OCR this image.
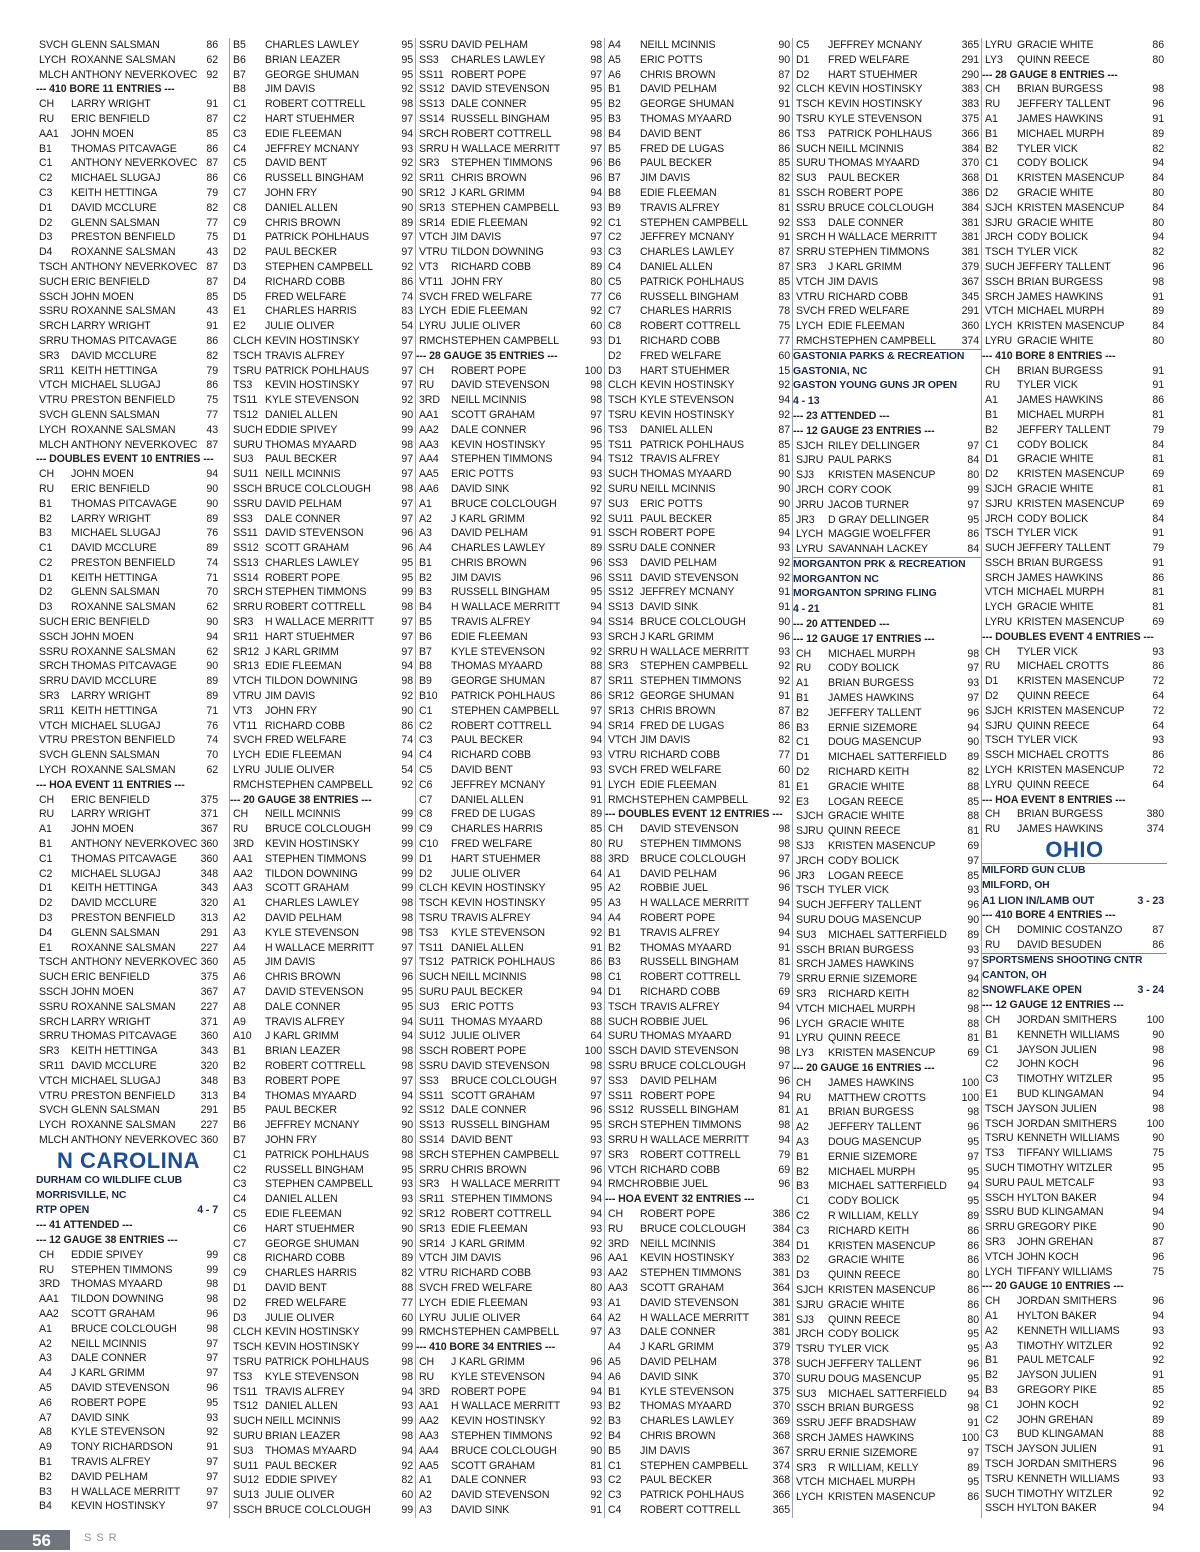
SVCH GLENN SALSMAN	86
LYCH ROXANNE SALSMAN	62
MLCH ANTHONY NEVERKOVEC 92
--- 410 BORE 11 ENTRIES ---
CH	LARRY WRIGHT	91
RU	ERIC BENFIELD	87
AA1	JOHN MOEN	85
B1	THOMAS PITCAVAGE	86
C1	ANTHONY NEVERKOVEC 87
C2	MICHAEL SLUGAJ	86
C3	KEITH HETTINGA	79
D1	DAVID MCCLURE	82
D2	GLENN SALSMAN	77
D3	PRESTON BENFIELD	75
D4	ROXANNE SALSMAN	43
TSCH ANTHONY NEVERKOVEC 87
SUCH ERIC BENFIELD	87
SSCH JOHN MOEN	85
SSRU ROXANNE SALSMAN	43
SRCH LARRY WRIGHT	91
SRRU THOMAS PITCAVAGE	86
SR3	DAVID MCCLURE	82
SR11 KEITH HETTINGA	79
VTCH MICHAEL SLUGAJ	86
VTRU PRESTON BENFIELD	75
SVCH GLENN SALSMAN	77
LYCH ROXANNE SALSMAN	43
MLCH ANTHONY NEVERKOVEC 87
--- DOUBLES EVENT 10 ENTRIES ---
CH	JOHN MOEN	94
RU	ERIC BENFIELD	90
B1	THOMAS PITCAVAGE	90
B2	LARRY WRIGHT	89
B3	MICHAEL SLUGAJ	76
C1	DAVID MCCLURE	89
C2	PRESTON BENFIELD	74
D1	KEITH HETTINGA	71
D2	GLENN SALSMAN	70
D3	ROXANNE SALSMAN	62
SUCH ERIC BENFIELD	90
SSCH JOHN MOEN	94
SSRU ROXANNE SALSMAN	62
SRCH THOMAS PITCAVAGE	90
SRRU DAVID MCCLURE	89
SR3	LARRY WRIGHT	89
SR11 KEITH HETTINGA	71
VTCH MICHAEL SLUGAJ	76
VTRU PRESTON BENFIELD	74
SVCH GLENN SALSMAN	70
LYCH ROXANNE SALSMAN	62
--- HOA EVENT 11 ENTRIES ---
CH	ERIC BENFIELD	375
RU	LARRY WRIGHT	371
A1	JOHN MOEN	367
B1	ANTHONY NEVERKOVEC 360
C1	THOMAS PITCAVAGE	360
C2	MICHAEL SLUGAJ	348
D1	KEITH HETTINGA	343
D2	DAVID MCCLURE	320
D3	PRESTON BENFIELD	313
D4	GLENN SALSMAN	291
E1	ROXANNE SALSMAN	227
TSCH ANTHONY NEVERKOVEC 360
SUCH ERIC BENFIELD	375
SSCH JOHN MOEN	367
SSRU ROXANNE SALSMAN	227
SRCH LARRY WRIGHT	371
SRRU THOMAS PITCAVAGE	360
SR3	KEITH HETTINGA	343
SR11 DAVID MCCLURE	320
VTCH MICHAEL SLUGAJ	348
VTRU PRESTON BENFIELD	313
SVCH GLENN SALSMAN	291
LYCH ROXANNE SALSMAN	227
MLCH ANTHONY NEVERKOVEC 360
N CAROLINA
DURHAM CO WILDLIFE CLUB
MORRISVILLE, NC
RTP OPEN	4 - 7
--- 41 ATTENDED ---
--- 12 GAUGE 38 ENTRIES ---
CH	EDDIE SPIVEY	99
RU	STEPHEN TIMMONS	99
3RD	THOMAS MYAARD	98
AA1	TILDON DOWNING	98
AA2	SCOTT GRAHAM	96
A1	BRUCE COLCLOUGH	98
A2	NEILL MCINNIS	97
A3	DALE CONNER	97
A4	J KARL GRIMM	97
A5	DAVID STEVENSON	96
A6	ROBERT POPE	95
A7	DAVID SINK	93
A8	KYLE STEVENSON	92
A9	TONY RICHARDSON	91
B1	TRAVIS ALFREY	97
B2	DAVID PELHAM	97
B3	H WALLACE MERRITT	97
B4	KEVIN HOSTINSKY	97
B5	CHARLES LAWLEY	95
B6	BRIAN LEAZER	95
B7	GEORGE SHUMAN	95
B8	JIM DAVIS	92
C1	ROBERT COTTRELL	98
C2	HART STUEHMER	97
C3	EDIE FLEEMAN	94
C4	JEFFREY MCNANY	93
C5	DAVID BENT	92
C6	RUSSELL BINGHAM	92
C7	JOHN FRY	90
C8	DANIEL ALLEN	90
C9	CHRIS BROWN	89
D1	PATRICK POHLHAUS	97
D2	PAUL BECKER	97
D3	STEPHEN CAMPBELL	92
D4	RICHARD COBB	86
D5	FRED WELFARE	74
E1	CHARLES HARRIS	83
E2	JULIE OLIVER	54
CLCH KEVIN HOSTINSKY	97
TSCH TRAVIS ALFREY	97
TSRU PATRICK POHLHAUS	97
TS3	KEVIN HOSTINSKY	97
TS11 KYLE STEVENSON	92
TS12 DANIEL ALLEN	90
SUCH EDDIE SPIVEY	99
SURU THOMAS MYAARD	98
SU3	PAUL BECKER	97
SU11 NEILL MCINNIS	97
SSCH BRUCE COLCLOUGH	98
SSRU DAVID PELHAM	97
SS3	DALE CONNER	97
SS11 DAVID STEVENSON	96
SS12 SCOTT GRAHAM	96
SS13 CHARLES LAWLEY	95
SS14 ROBERT POPE	95
SRCH STEPHEN TIMMONS	99
SRRU ROBERT COTTRELL	98
SR3	H WALLACE MERRITT	97
SR11 HART STUEHMER	97
SR12 J KARL GRIMM	97
SR13 EDIE FLEEMAN	94
VTCH TILDON DOWNING	98
VTRU JIM DAVIS	92
VT3	JOHN FRY	90
VT11 RICHARD COBB	86
SVCH FRED WELFARE	74
LYCH EDIE FLEEMAN	94
LYRU JULIE OLIVER	54
RMCH STEPHEN CAMPBELL	92
--- 20 GAUGE 38 ENTRIES ---
CH	NEILL MCINNIS	99
RU	BRUCE COLCLOUGH	99
3RD	KEVIN HOSTINSKY	99
AA1	STEPHEN TIMMONS	99
AA2	TILDON DOWNING	99
AA3	SCOTT GRAHAM	99
A1	CHARLES LAWLEY	98
A2	DAVID PELHAM	98
A3	KYLE STEVENSON	98
A4	H WALLACE MERRITT	97
A5	JIM DAVIS	97
A6	CHRIS BROWN	96
A7	DAVID STEVENSON	95
A8	DALE CONNER	95
A9	TRAVIS ALFREY	94
A10	J KARL GRIMM	94
B1	BRIAN LEAZER	98
B2	ROBERT COTTRELL	98
B3	ROBERT POPE	97
B4	THOMAS MYAARD	94
B5	PAUL BECKER	92
B6	JEFFREY MCNANY	90
B7	JOHN FRY	80
C1	PATRICK POHLHAUS	98
C2	RUSSELL BINGHAM	95
C3	STEPHEN CAMPBELL	93
C4	DANIEL ALLEN	93
C5	EDIE FLEEMAN	92
C6	HART STUEHMER	90
C7	GEORGE SHUMAN	90
C8	RICHARD COBB	89
C9	CHARLES HARRIS	82
D1	DAVID BENT	88
D2	FRED WELFARE	77
D3	JULIE OLIVER	60
CLCH KEVIN HOSTINSKY	99
TSCH KEVIN HOSTINSKY	99
TSRU PATRICK POHLHAUS	98
TS3	KYLE STEVENSON	98
TS11 TRAVIS ALFREY	94
TS12 DANIEL ALLEN	93
SUCH NEILL MCINNIS	99
SURU BRIAN LEAZER	98
SU3	THOMAS MYAARD	94
SU11 PAUL BECKER	92
SU12 EDDIE SPIVEY	82
SU13 JULIE OLIVER	60
SSCH BRUCE COLCLOUGH	99
SSRU DAVID PELHAM	98
SS3	CHARLES LAWLEY	98
SS11 ROBERT POPE	97
SS12 DAVID STEVENSON	95
SS13 DALE CONNER	95
SS14 RUSSELL BINGHAM	95
SRCH ROBERT COTTRELL	98
SRRU H WALLACE MERRITT	97
SR3	STEPHEN TIMMONS	96
SR11 CHRIS BROWN	96
SR12 J KARL GRIMM	94
SR13 STEPHEN CAMPBELL	93
SR14 EDIE FLEEMAN	92
VTCH JIM DAVIS	97
VTRU TILDON DOWNING	93
VT3	RICHARD COBB	89
VT11 JOHN FRY	80
SVCH FRED WELFARE	77
LYCH EDIE FLEEMAN	92
LYRU JULIE OLIVER	60
RMCH STEPHEN CAMPBELL	93
--- 28 GAUGE 35 ENTRIES ---
CH	ROBERT POPE	100
RU	DAVID STEVENSON	98
3RD	NEILL MCINNIS	98
AA1	SCOTT GRAHAM	97
AA2	DALE CONNER	96
AA3	KEVIN HOSTINSKY	95
AA4	STEPHEN TIMMONS	94
AA5	ERIC POTTS	93
AA6	DAVID SINK	92
A1	BRUCE COLCLOUGH	97
A2	J KARL GRIMM	92
A3	DAVID PELHAM	91
A4	CHARLES LAWLEY	89
B1	CHRIS BROWN	96
B2	JIM DAVIS	96
B3	RUSSELL BINGHAM	95
B4	H WALLACE MERRITT	94
B5	TRAVIS ALFREY	94
B6	EDIE FLEEMAN	93
B7	KYLE STEVENSON	92
B8	THOMAS MYAARD	88
B9	GEORGE SHUMAN	87
B10	PATRICK POHLHAUS	86
C1	STEPHEN CAMPBELL	97
C2	ROBERT COTTRELL	94
C3	PAUL BECKER	94
C4	RICHARD COBB	93
C5	DAVID BENT	93
C6	JEFFREY MCNANY	91
C7	DANIEL ALLEN	91
C8	FRED DE LUGAS	89
C9	CHARLES HARRIS	85
C10	FRED WELFARE	80
D1	HART STUEHMER	88
D2	JULIE OLIVER	64
CLCH KEVIN HOSTINSKY	95
TSCH KEVIN HOSTINSKY	95
TSRU TRAVIS ALFREY	94
TS3	KYLE STEVENSON	92
TS11 DANIEL ALLEN	91
TS12 PATRICK POHLHAUS	86
SUCH NEILL MCINNIS	98
SURU PAUL BECKER	94
SU3	ERIC POTTS	93
SU11 THOMAS MYAARD	88
SU12 JULIE OLIVER	64
SSCH ROBERT POPE	100
SSRU DAVID STEVENSON	98
SS3	BRUCE COLCLOUGH	97
SS11 SCOTT GRAHAM	97
SS12 DALE CONNER	96
SS13 RUSSELL BINGHAM	95
SS14 DAVID BENT	93
SRCH STEPHEN CAMPBELL	97
SRRU CHRIS BROWN	96
SR3	H WALLACE MERRITT	94
SR11 STEPHEN TIMMONS	94
SR12 ROBERT COTTRELL	94
SR13 EDIE FLEEMAN	93
SR14 J KARL GRIMM	92
VTCH JIM DAVIS	96
VTRU RICHARD COBB	93
SVCH FRED WELFARE	80
LYCH EDIE FLEEMAN	93
LYRU JULIE OLIVER	64
RMCH STEPHEN CAMPBELL	97
--- 410 BORE 34 ENTRIES ---
CH	J KARL GRIMM	96
RU	KYLE STEVENSON	94
3RD	ROBERT POPE	94
AA1	H WALLACE MERRITT	93
AA2	KEVIN HOSTINSKY	92
AA3	STEPHEN TIMMONS	92
AA4	BRUCE COLCLOUGH	90
AA5	SCOTT GRAHAM	81
A1	DALE CONNER	93
A2	DAVID STEVENSON	92
A3	DAVID SINK	91
A4	NEILL MCINNIS	90
A5	ERIC POTTS	90
A6	CHRIS BROWN	87
B1	DAVID PELHAM	92
B2	GEORGE SHUMAN	91
B3	THOMAS MYAARD	90
B4	DAVID BENT	86
B5	FRED DE LUGAS	86
B6	PAUL BECKER	85
B7	JIM DAVIS	82
B8	EDIE FLEEMAN	81
B9	TRAVIS ALFREY	81
C1	STEPHEN CAMPBELL	92
C2	JEFFREY MCNANY	91
C3	CHARLES LAWLEY	87
C4	DANIEL ALLEN	87
C5	PATRICK POHLHAUS	85
C6	RUSSELL BINGHAM	83
C7	CHARLES HARRIS	78
C8	ROBERT COTTRELL	75
D1	RICHARD COBB	77
D2	FRED WELFARE	60
D3	HART STUEHMER	15
CLCH KEVIN HOSTINSKY	92
TSCH KYLE STEVENSON	94
TSRU KEVIN HOSTINSKY	92
TS3	DANIEL ALLEN	87
TS11 PATRICK POHLHAUS	85
TS12 TRAVIS ALFREY	81
SUCH THOMAS MYAARD	90
SURU NEILL MCINNIS	90
SU3	ERIC POTTS	90
SU11 PAUL BECKER	85
SSCH ROBERT POPE	94
SSRU DALE CONNER	93
SS3	DAVID PELHAM	92
SS11 DAVID STEVENSON	92
SS12 JEFFREY MCNANY	91
SS13 DAVID SINK	91
SS14 BRUCE COLCLOUGH	90
SRCH J KARL GRIMM	96
SRRU H WALLACE MERRITT	93
SR3	STEPHEN CAMPBELL	92
SR11 STEPHEN TIMMONS	92
SR12 GEORGE SHUMAN	91
SR13 CHRIS BROWN	87
SR14 FRED DE LUGAS	86
VTCH JIM DAVIS	82
VTRU RICHARD COBB	77
SVCH FRED WELFARE	60
LYCH EDIE FLEEMAN	81
RMCH STEPHEN CAMPBELL	92
--- DOUBLES EVENT 12 ENTRIES ---
CH	DAVID STEVENSON	98
RU	STEPHEN TIMMONS	98
3RD	BRUCE COLCLOUGH	97
A1	DAVID PELHAM	96
A2	ROBBIE JUEL	96
A3	H WALLACE MERRITT	94
A4	ROBERT POPE	94
B1	TRAVIS ALFREY	94
B2	THOMAS MYAARD	91
B3	RUSSELL BINGHAM	81
C1	ROBERT COTTRELL	79
D1	RICHARD COBB	69
TSCH TRAVIS ALFREY	94
SUCH ROBBIE JUEL	96
SURU THOMAS MYAARD	91
SSCH DAVID STEVENSON	98
SSRU BRUCE COLCLOUGH	97
SS3	DAVID PELHAM	96
SS11 ROBERT POPE	94
SS12 RUSSELL BINGHAM	81
SRCH STEPHEN TIMMONS	98
SRRU H WALLACE MERRITT	94
SR3	ROBERT COTTRELL	79
VTCH RICHARD COBB	69
RMCH ROBBIE JUEL	96
--- HOA EVENT 32 ENTRIES ---
CH	ROBERT POPE	386
RU	BRUCE COLCLOUGH	384
3RD	NEILL MCINNIS	384
AA1	KEVIN HOSTINSKY	383
AA2	STEPHEN TIMMONS	381
AA3	SCOTT GRAHAM	364
A1	DAVID STEVENSON	381
A2	H WALLACE MERRITT	381
A3	DALE CONNER	381
A4	J KARL GRIMM	379
A5	DAVID PELHAM	378
A6	DAVID SINK	370
B1	KYLE STEVENSON	375
B2	THOMAS MYAARD	370
B3	CHARLES LAWLEY	369
B4	CHRIS BROWN	368
B5	JIM DAVIS	367
C1	STEPHEN CAMPBELL	374
C2	PAUL BECKER	368
C3	PATRICK POHLHAUS	366
C4	ROBERT COTTRELL	365
C5	JEFFREY MCNANY	365
D1	FRED WELFARE	291
D2	HART STUEHMER	290
CLCH KEVIN HOSTINSKY	383
TSCH KEVIN HOSTINSKY	383
TSRU KYLE STEVENSON	375
TS3	PATRICK POHLHAUS	366
SUCH NEILL MCINNIS	384
SURU THOMAS MYAARD	370
SU3	PAUL BECKER	368
SSCH ROBERT POPE	386
SSRU BRUCE COLCLOUGH	384
SS3	DALE CONNER	381
SRCH H WALLACE MERRITT	381
SRRU STEPHEN TIMMONS	381
SR3	J KARL GRIMM	379
VTCH JIM DAVIS	367
VTRU RICHARD COBB	345
SVCH FRED WELFARE	291
LYCH EDIE FLEEMAN	360
RMCH STEPHEN CAMPBELL	374
GASTONIA PARKS & RECREATION
GASTONIA, NC
GASTON YOUNG GUNS JR OPEN
4 - 13
--- 23 ATTENDED ---
--- 12 GAUGE 23 ENTRIES ---
SJCH RILEY DELLINGER	97
SJRU PAUL PARKS	84
SJ3	KRISTEN MASENCUP	80
JRCH CORY COOK	99
JRRU JACOB TURNER	97
JR3	D GRAY DELLINGER	95
LYCH MAGGIE WOELFFER	86
LYRU SAVANNAH LACKEY	84
MORGANTON PRK & RECREATION
MORGANTON NC
MORGANTON SPRING FLING
4 - 21
--- 20 ATTENDED ---
--- 12 GAUGE 17 ENTRIES ---
CH	MICHAEL MURPH	98
RU	CODY BOLICK	97
A1	BRIAN BURGESS	93
B1	JAMES HAWKINS	97
B2	JEFFERY TALLENT	96
B3	ERNIE SIZEMORE	94
C1	DOUG MASENCUP	90
D1	MICHAEL SATTERFIELD	89
D2	RICHARD KEITH	82
E1	GRACIE WHITE	88
E3	LOGAN REECE	85
SJCH GRACIE WHITE	88
SJRU QUINN REECE	81
SJ3	KRISTEN MASENCUP	69
JRCH CODY BOLICK	97
JR3	LOGAN REECE	85
TSCH TYLER VICK	93
SUCH JEFFERY TALLENT	96
SURU DOUG MASENCUP	90
SU3	MICHAEL SATTERFIELD	89
SSCH BRIAN BURGESS	93
SRCH JAMES HAWKINS	97
SRRU ERNIE SIZEMORE	94
SR3	RICHARD KEITH	82
VTCH MICHAEL MURPH	98
LYCH GRACIE WHITE	88
LYRU QUINN REECE	81
LY3	KRISTEN MASENCUP	69
--- 20 GAUGE 16 ENTRIES ---
CH	JAMES HAWKINS	100
RU	MATTHEW CROTTS	100
A1	BRIAN BURGESS	98
A2	JEFFERY TALLENT	96
A3	DOUG MASENCUP	95
B1	ERNIE SIZEMORE	97
B2	MICHAEL MURPH	95
B3	MICHAEL SATTERFIELD	94
C1	CODY BOLICK	95
C2	R WILLIAM, KELLY	89
C3	RICHARD KEITH	86
D1	KRISTEN MASENCUP	86
D2	GRACIE WHITE	86
D3	QUINN REECE	80
SJCH KRISTEN MASENCUP	86
SJRU GRACIE WHITE	86
SJ3	QUINN REECE	80
JRCH CODY BOLICK	95
TSRU TYLER VICK	95
SUCH JEFFERY TALLENT	96
SURU DOUG MASENCUP	95
SU3	MICHAEL SATTERFIELD	94
SSCH BRIAN BURGESS	98
SSRU JEFF BRADSHAW	91
SRCH JAMES HAWKINS	100
SRRU ERNIE SIZEMORE	97
SR3	R WILLIAM, KELLY	89
VTCH MICHAEL MURPH	95
LYCH KRISTEN MASENCUP	86
LYRU GRACIE WHITE	86
LY3	QUINN REECE	80
--- 28 GAUGE 8 ENTRIES ---
CH	BRIAN BURGESS	98
RU	JEFFERY TALLENT	96
A1	JAMES HAWKINS	91
B1	MICHAEL MURPH	89
B2	TYLER VICK	82
C1	CODY BOLICK	94
D1	KRISTEN MASENCUP	84
D2	GRACIE WHITE	80
SJCH KRISTEN MASENCUP	84
SJRU GRACIE WHITE	80
JRCH CODY BOLICK	94
TSCH TYLER VICK	82
SUCH JEFFERY TALLENT	96
SSCH BRIAN BURGESS	98
SRCH JAMES HAWKINS	91
VTCH MICHAEL MURPH	89
LYCH KRISTEN MASENCUP	84
LYRU GRACIE WHITE	80
--- 410 BORE 8 ENTRIES ---
CH	BRIAN BURGESS	91
RU	TYLER VICK	91
A1	JAMES HAWKINS	86
B1	MICHAEL MURPH	81
B2	JEFFERY TALLENT	79
C1	CODY BOLICK	84
D1	GRACIE WHITE	81
D2	KRISTEN MASENCUP	69
SJCH GRACIE WHITE	81
SJRU KRISTEN MASENCUP	69
JRCH CODY BOLICK	84
TSCH TYLER VICK	91
SUCH JEFFERY TALLENT	79
SSCH BRIAN BURGESS	91
SRCH JAMES HAWKINS	86
VTCH MICHAEL MURPH	81
LYCH GRACIE WHITE	81
LYRU KRISTEN MASENCUP	69
--- DOUBLES EVENT 4 ENTRIES ---
CH	TYLER VICK	93
RU	MICHAEL CROTTS	86
D1	KRISTEN MASENCUP	72
D2	QUINN REECE	64
SJCH KRISTEN MASENCUP	72
SJRU QUINN REECE	64
TSCH TYLER VICK	93
SSCH MICHAEL CROTTS	86
LYCH KRISTEN MASENCUP	72
LYRU QUINN REECE	64
--- HOA EVENT 8 ENTRIES ---
CH	BRIAN BURGESS	380
RU	JAMES HAWKINS	374
OHIO
MILFORD GUN CLUB
MILFORD, OH
A1 LION IN/LAMB OUT	3 - 23
--- 410 BORE 4 ENTRIES ---
CH	DOMINIC COSTANZO	87
RU	DAVID BESUDEN	86
SPORTSMENS SHOOTING CNTR
CANTON, OH
SNOWFLAKE OPEN	3 - 24
--- 12 GAUGE 12 ENTRIES ---
CH	JORDAN SMITHERS	100
B1	KENNETH WILLIAMS	90
C1	JAYSON JULIEN	98
C2	JOHN KOCH	96
C3	TIMOTHY WITZLER	95
E1	BUD KLINGAMAN	94
TSCH JAYSON JULIEN	98
TSCH JORDAN SMITHERS	100
TSRU KENNETH WILLIAMS	90
TS3	TIFFANY WILLIAMS	75
SUCH TIMOTHY WITZLER	95
SURU PAUL METCALF	93
SSCH HYLTON BAKER	94
SSRU BUD KLINGAMAN	94
SRRU GREGORY PIKE	90
SR3	JOHN GREHAN	87
VTCH JOHN KOCH	96
LYCH TIFFANY WILLIAMS	75
--- 20 GAUGE 10 ENTRIES ---
CH	JORDAN SMITHERS	96
A1	HYLTON BAKER	94
A2	KENNETH WILLIAMS	93
A3	TIMOTHY WITZLER	92
B1	PAUL METCALF	92
B2	JAYSON JULIEN	91
B3	GREGORY PIKE	85
C1	JOHN KOCH	92
C2	JOHN GREHAN	89
C3	BUD KLINGAMAN	88
TSCH JAYSON JULIEN	91
TSCH JORDAN SMITHERS	96
TSRU KENNETH WILLIAMS	93
SUCH TIMOTHY WITZLER	92
SSCH HYLTON BAKER	94
56	SSR
